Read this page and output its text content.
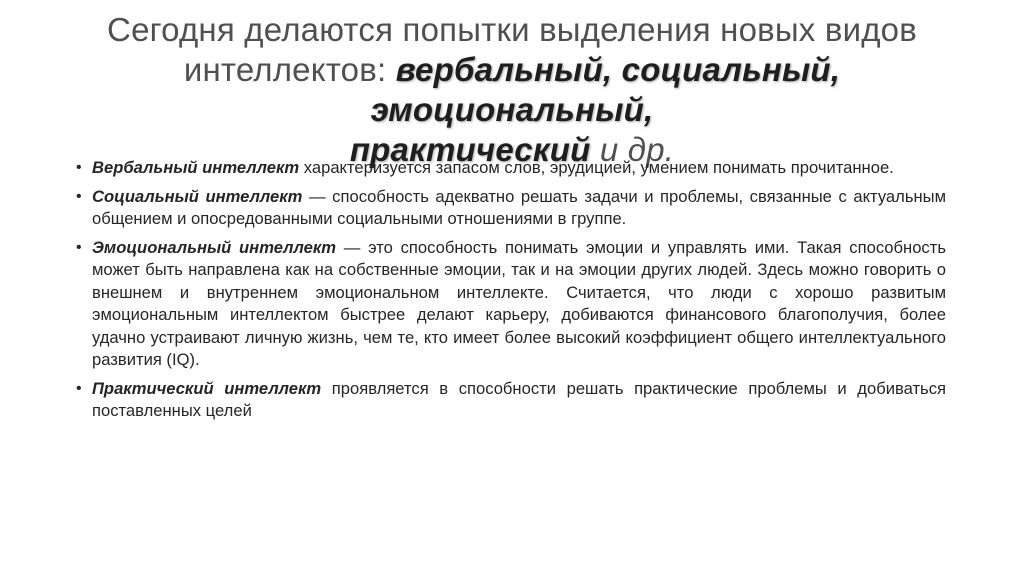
Сегодня делаются попытки выделения новых видов
интеллектов: вербальный, социальный, эмоциональный,
практический и др.
• Вербальный интеллект характеризуется запасом слов, эрудицией, умением понимать прочитанное.
• Социальный интеллект — способность адекватно решать задачи и проблемы, связанные с актуальным общением и опосредованными социальными отношениями в группе.
• Эмоциональный интеллект — это способность понимать эмоции и управлять ими. Такая способность может быть направлена как на собственные эмоции, так и на эмоции других людей. Здесь можно говорить о внешнем и внутреннем эмоциональном интеллекте. Считается, что люди с хорошо развитым эмоциональным интеллектом быстрее делают карьеру, добиваются финансового благополучия, более удачно устраивают личную жизнь, чем те, кто имеет более высокий коэффициент общего интеллектуального развития (IQ).
• Практический интеллект проявляется в способности решать практические проблемы и добиваться поставленных целей
